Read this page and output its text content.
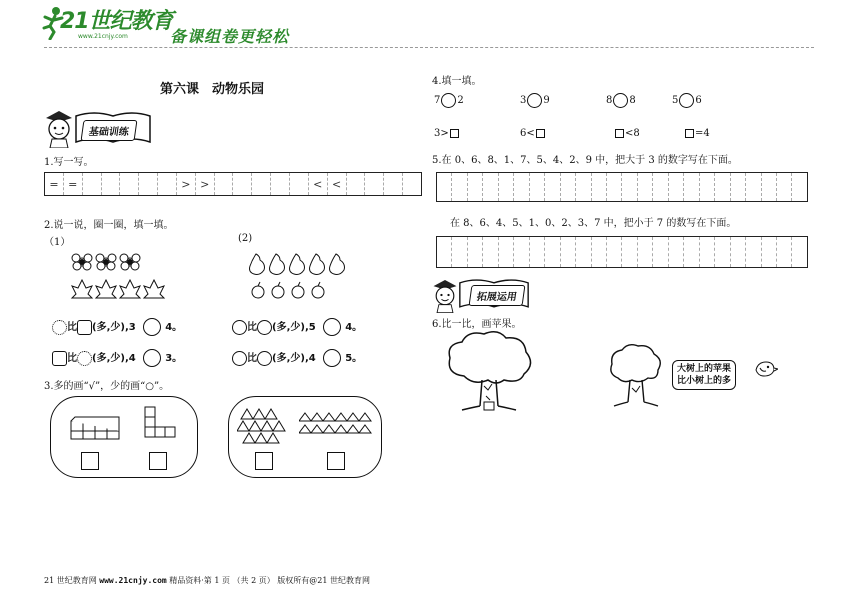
21世纪教育
www.21cnjy.com	备课组卷更轻松
第六课　动物乐园
基础训练
1.写一写。
= =	> >	< <
2.说一说，圈一圈，填一填。
（1）	(2)
比 (多,少),3	4。
比 (多,少),4	3。
比 (多,少),5	4。
比 (多,少),4	5。
3.多的画“√”，少的画“○”。
4.填一填。
7 2	3 9	8 8	5 6
3>	6<	<8	=4
5.在 0、6、8、1、7、5、4、2、9 中，把大于 3 的数字写在下面。
在 8、6、4、5、1、0、2、3、7 中，把小于 7 的数写在下面。
拓展运用
6.比一比，画苹果。
大树上的苹果
比小树上的多
21 世纪教育网 www.21cnjy.com 精品资料·第 1 页 （共 2 页） 版权所有@21 世纪教育网
